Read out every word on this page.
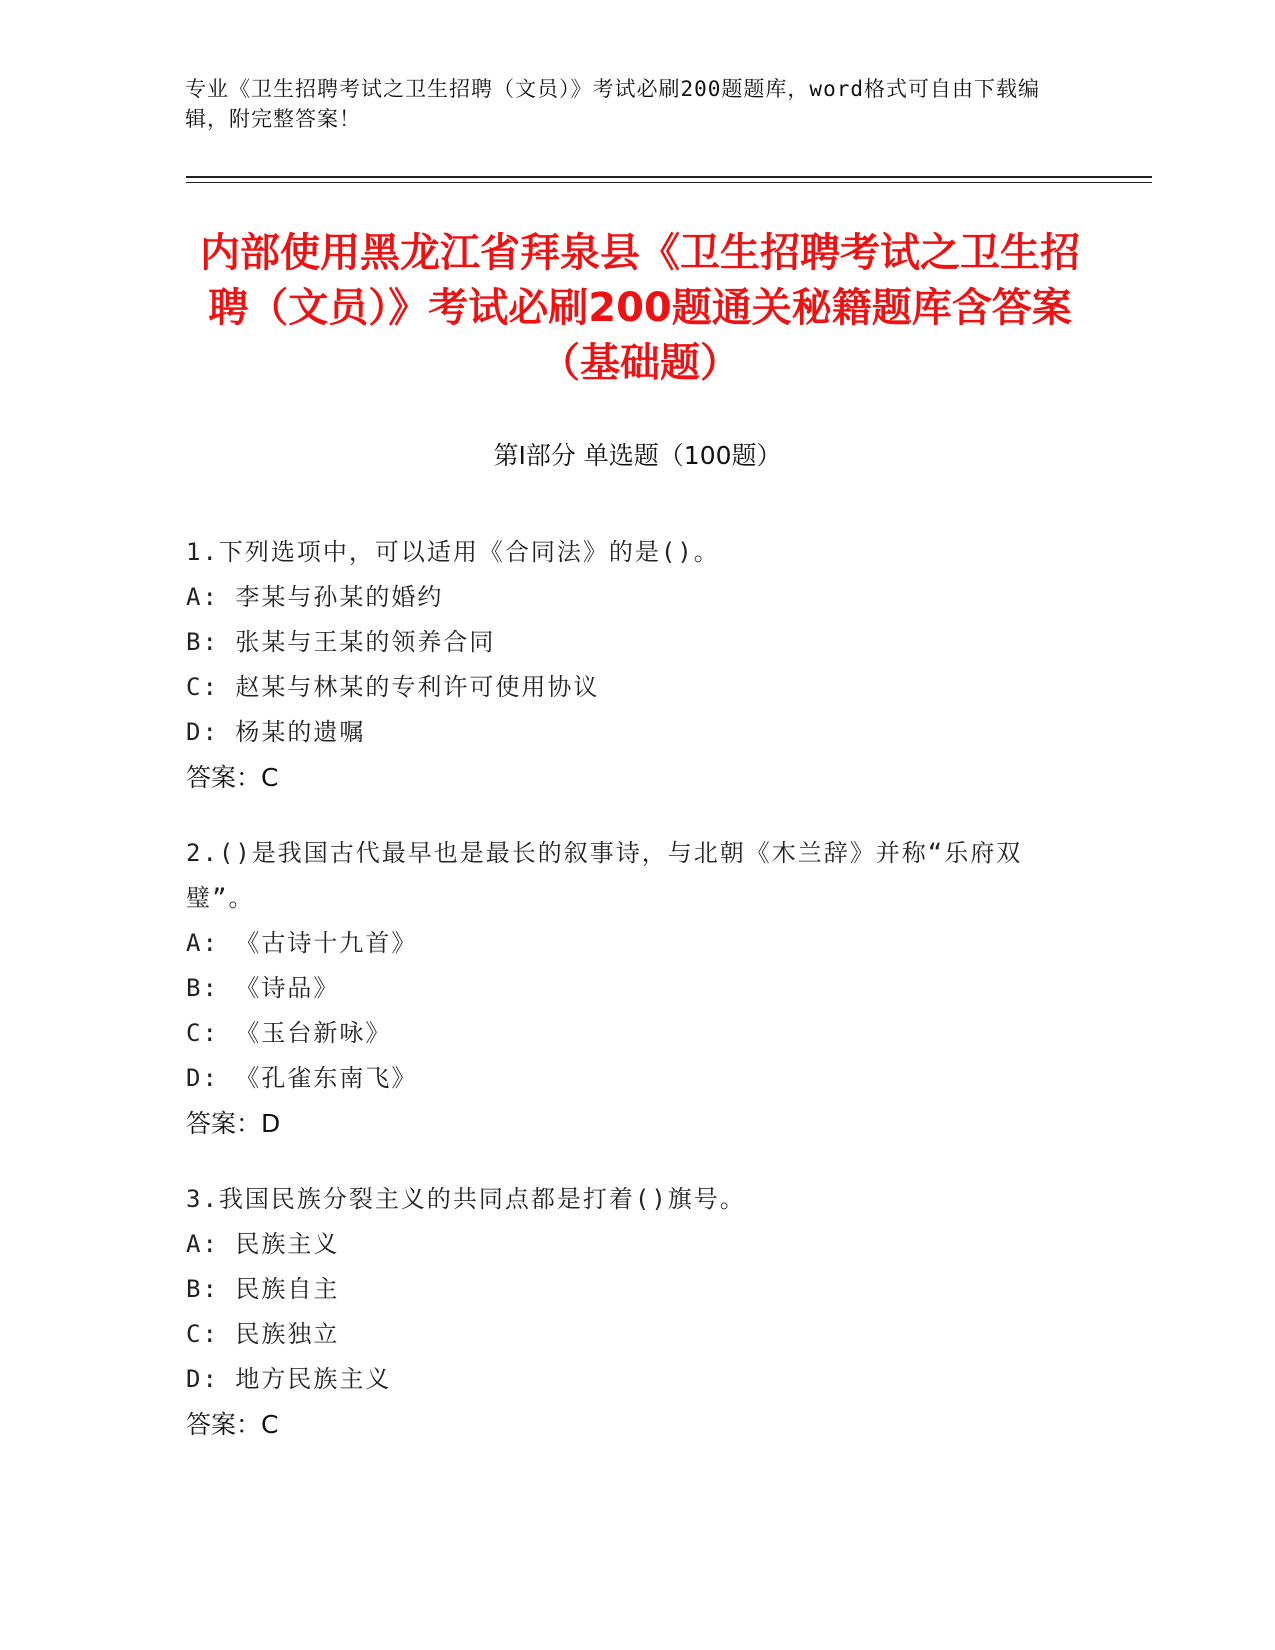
专业《卫生招聘考试之卫生招聘（文员）》考试必刷200题题库，word格式可自由下载编辑，附完整答案！
内部使用黑龙江省拜泉县《卫生招聘考试之卫生招聘（文员）》考试必刷200题通关秘籍题库含答案（基础题）
第Ⅰ部分 单选题（100题）

1.下列选项中，可以适用《合同法》的是()。

A: 李某与孙某的婚约

B: 张某与王某的领养合同

C: 赵某与林某的专利许可使用协议

D: 杨某的遗嘱

答案：C

2.()是我国古代最早也是最长的叙事诗，与北朝《木兰辞》并称“乐府双璧”。

A: 《古诗十九首》

B: 《诗品》

C: 《玉台新咏》

D: 《孔雀东南飞》

答案：D

3.我国民族分裂主义的共同点都是打着()旗号。

A: 民族主义

B: 民族自主

C: 民族独立

D: 地方民族主义

答案：C
